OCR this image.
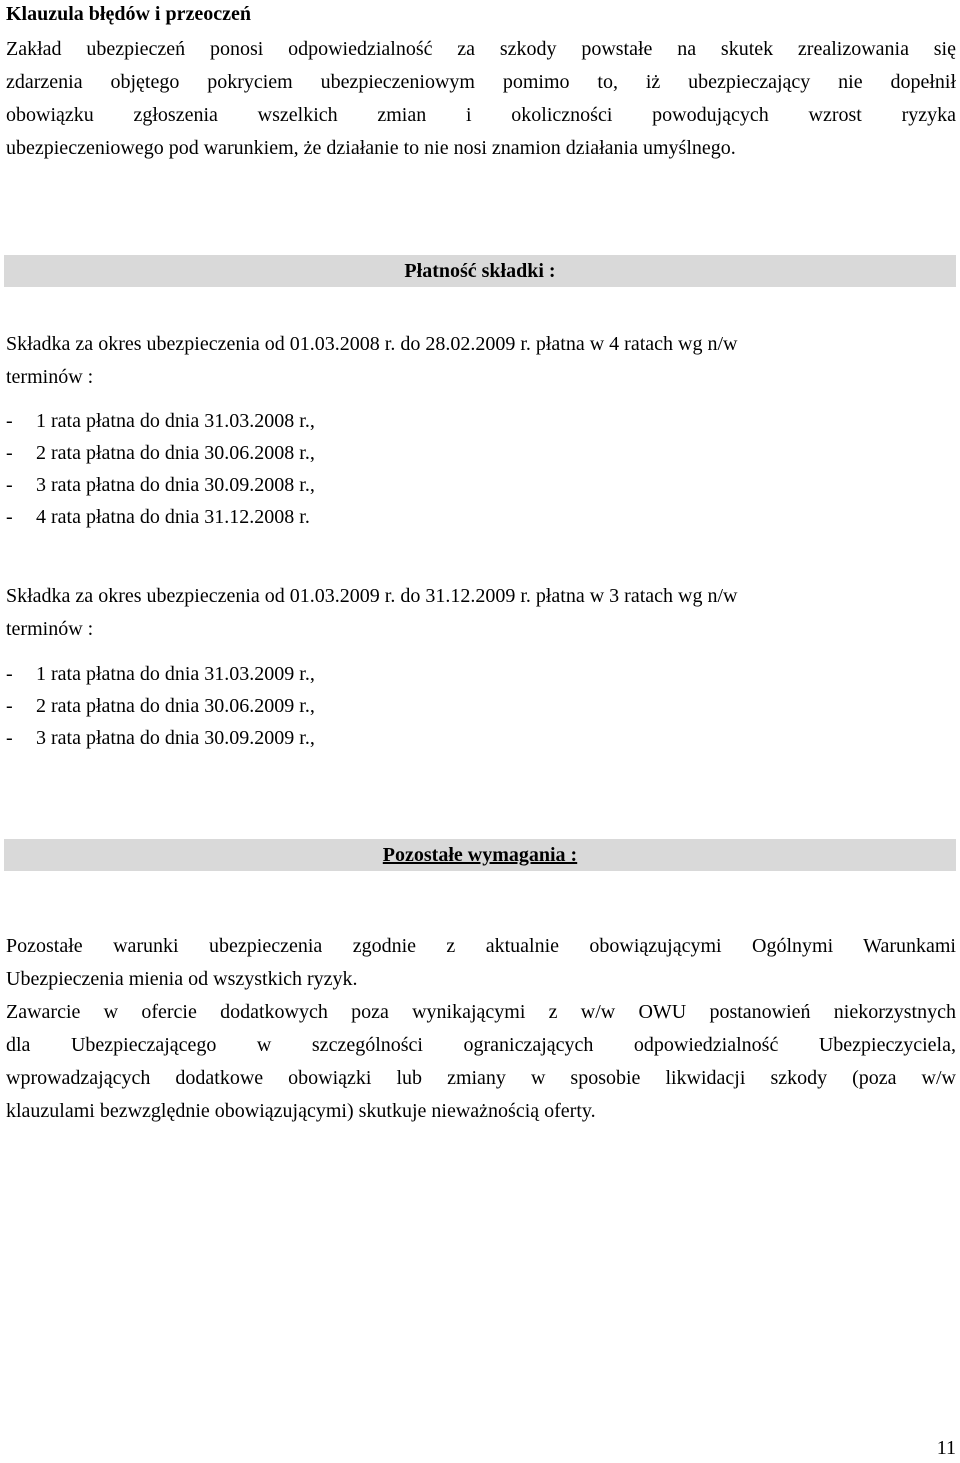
Klauzula błędów i przeoczeń
Zakład ubezpieczeń ponosi odpowiedzialność za szkody powstałe na skutek zrealizowania się
zdarzenia objętego pokryciem ubezpieczeniowym pomimo to, iż ubezpieczający nie dopełnił
obowiązku zgłoszenia wszelkich zmian i okoliczności powodujących wzrost ryzyka
ubezpieczeniowego pod warunkiem, że działanie to nie nosi znamion działania umyślnego.
Płatność składki :
Składka za okres ubezpieczenia od 01.03.2008 r. do 28.02.2009 r. płatna w 4 ratach wg n/w
terminów :
- 1 rata płatna do dnia 31.03.2008 r.,
- 2 rata płatna do dnia 30.06.2008 r.,
- 3 rata płatna do dnia 30.09.2008 r.,
- 4 rata płatna do dnia 31.12.2008 r.
Składka za okres ubezpieczenia od 01.03.2009 r. do 31.12.2009 r. płatna w 3 ratach wg n/w
terminów :
- 1 rata płatna do dnia 31.03.2009 r.,
- 2 rata płatna do dnia 30.06.2009 r.,
- 3 rata płatna do dnia 30.09.2009 r.,
Pozostałe wymagania :
Pozostałe warunki ubezpieczenia zgodnie z aktualnie obowiązującymi Ogólnymi Warunkami
Ubezpieczenia mienia od wszystkich ryzyk.
Zawarcie w ofercie dodatkowych poza wynikającymi z w/w OWU postanowień niekorzystnych
dla Ubezpieczającego w szczególności ograniczających odpowiedzialność Ubezpieczyciela,
wprowadzających dodatkowe obowiązki lub zmiany w sposobie likwidacji szkody (poza w/w
klauzulami bezwzględnie obowiązującymi) skutkuje nieważnością oferty.
11
